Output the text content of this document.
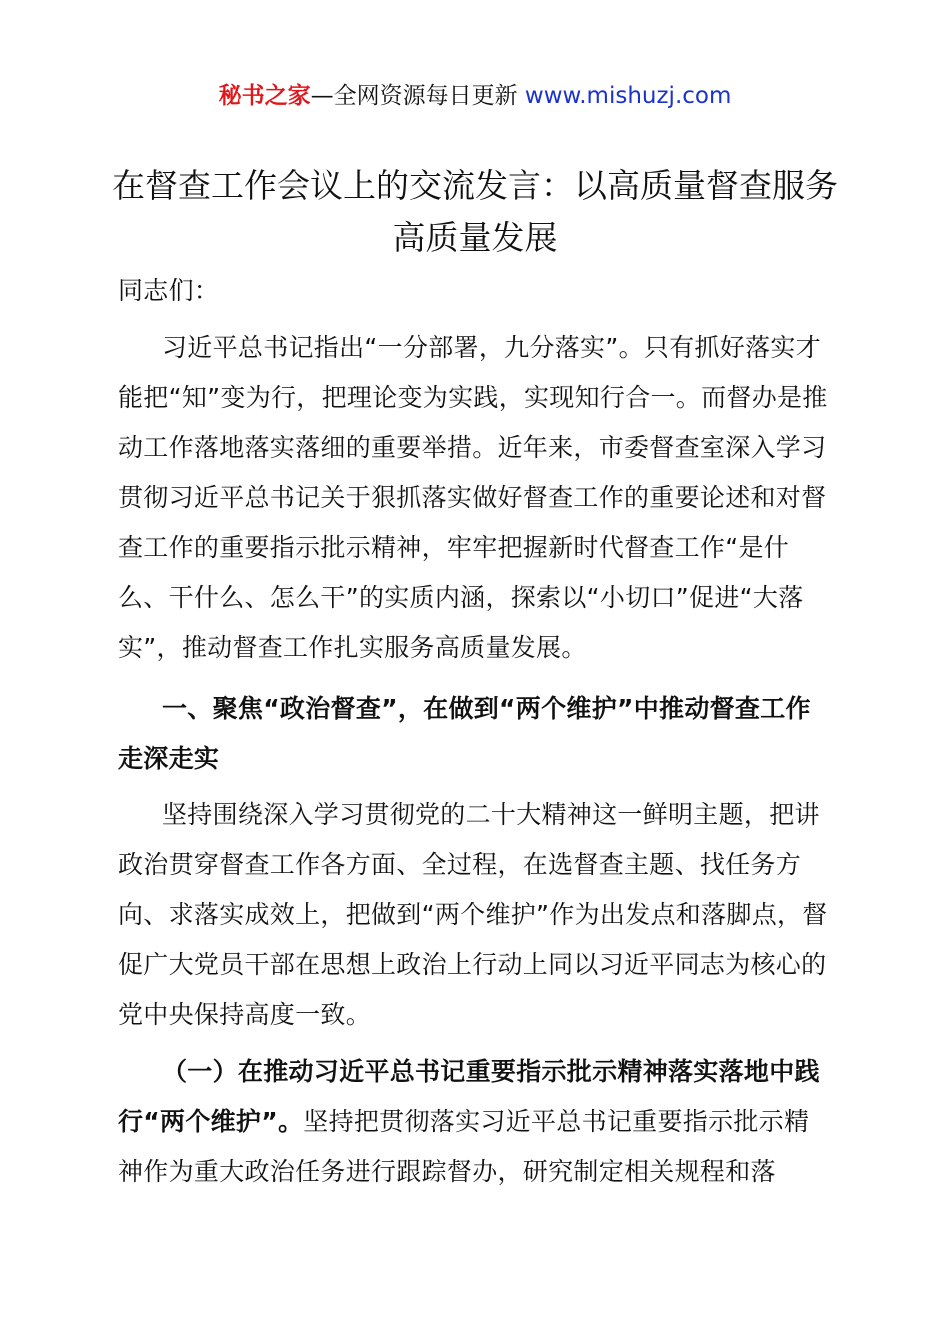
秘书之家—全网资源每日更新 www.mishuzj.com
在督查工作会议上的交流发言：以高质量督查服务高质量发展
同志们：
习近平总书记指出“一分部署，九分落实”。只有抓好落实才能把“知”变为行，把理论变为实践，实现知行合一。而督办是推动工作落地落实落细的重要举措。近年来，市委督查室深入学习贯彻习近平总书记关于狠抓落实做好督查工作的重要论述和对督查工作的重要指示批示精神，牢牢把握新时代督查工作“是什么、干什么、怎么干”的实质内涵，探索以“小切口”促进“大落实”，推动督查工作扎实服务高质量发展。
一、聚焦“政治督查”，在做到“两个维护”中推动督查工作走深走实
坚持围绕深入学习贯彻党的二十大精神这一鲜明主题，把讲政治贯穿督查工作各方面、全过程，在选督查主题、找任务方向、求落实成效上，把做到“两个维护”作为出发点和落脚点，督促广大党员干部在思想上政治上行动上同以习近平同志为核心的党中央保持高度一致。
（一）在推动习近平总书记重要指示批示精神落实落地中践行“两个维护”。坚持把贯彻落实习近平总书记重要指示批示精神作为重大政治任务进行跟踪督办，研究制定相关规程和落
